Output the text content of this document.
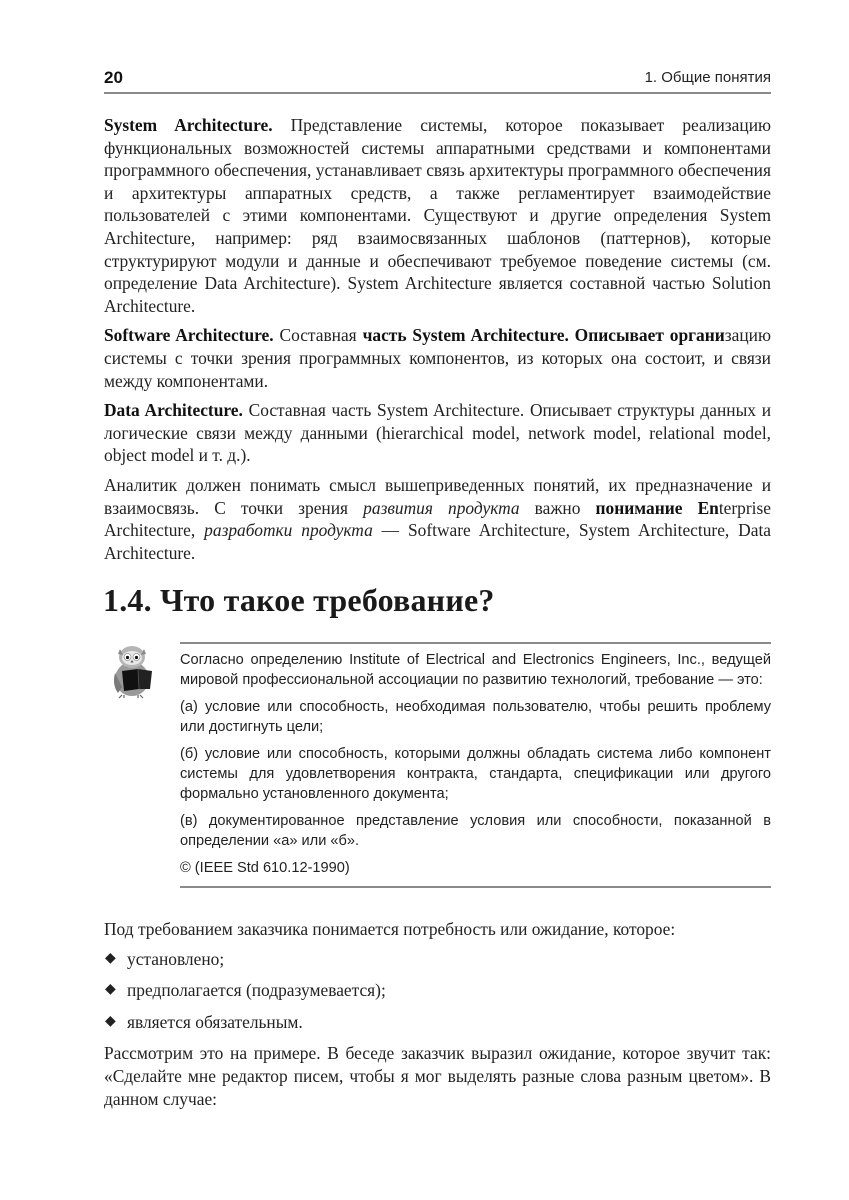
20	1. Общие понятия

System Architecture. Представление системы, которое показывает реализацию функциональных возможностей системы аппаратными средствами и компонентами программного обеспечения, устанавливает связь архитектуры программного обеспечения и архитектуры аппаратных средств, а также регламентирует взаимодействие пользователей с этими компонентами. Существуют и другие определения System Architecture, например: ряд взаимосвязанных шаблонов (паттернов), которые структурируют модули и данные и обеспечивают требуемое поведение системы (см. определение Data Architecture). System Architecture является составной частью Solution Architecture.

Software Architecture. Составная часть System Architecture. Описывает организацию системы с точки зрения программных компонентов, из которых она состоит, и связи между компонентами.

Data Architecture. Составная часть System Architecture. Описывает структуры данных и логические связи между данными (hierarchical model, network model, relational model, object model и т. д.).

Аналитик должен понимать смысл вышеприведенных понятий, их предназначение и взаимосвязь. С точки зрения развития продукта важно понимание Enterprise Architecture, разработки продукта — Software Architecture, System Architecture, Data Architecture.

1.4. Что такое требование?

Согласно определению Institute of Electrical and Electronics Engineers, Inc., ведущей мировой профессиональной ассоциации по развитию технологий, требование — это:

(а) условие или способность, необходимая пользователю, чтобы решить проблему или достигнуть цели;

(б) условие или способность, которыми должны обладать система либо компонент системы для удовлетворения контракта, стандарта, спецификации или другого формально установленного документа;

(в) документированное представление условия или способности, показанной в определении «а» или «б».

© (IEEE Std 610.12-1990)

Под требованием заказчика понимается потребность или ожидание, которое:

◆ установлено;
◆ предполагается (подразумевается);
◆ является обязательным.

Рассмотрим это на примере. В беседе заказчик выразил ожидание, которое звучит так: «Сделайте мне редактор писем, чтобы я мог выделять разные слова разным цветом». В данном случае:
